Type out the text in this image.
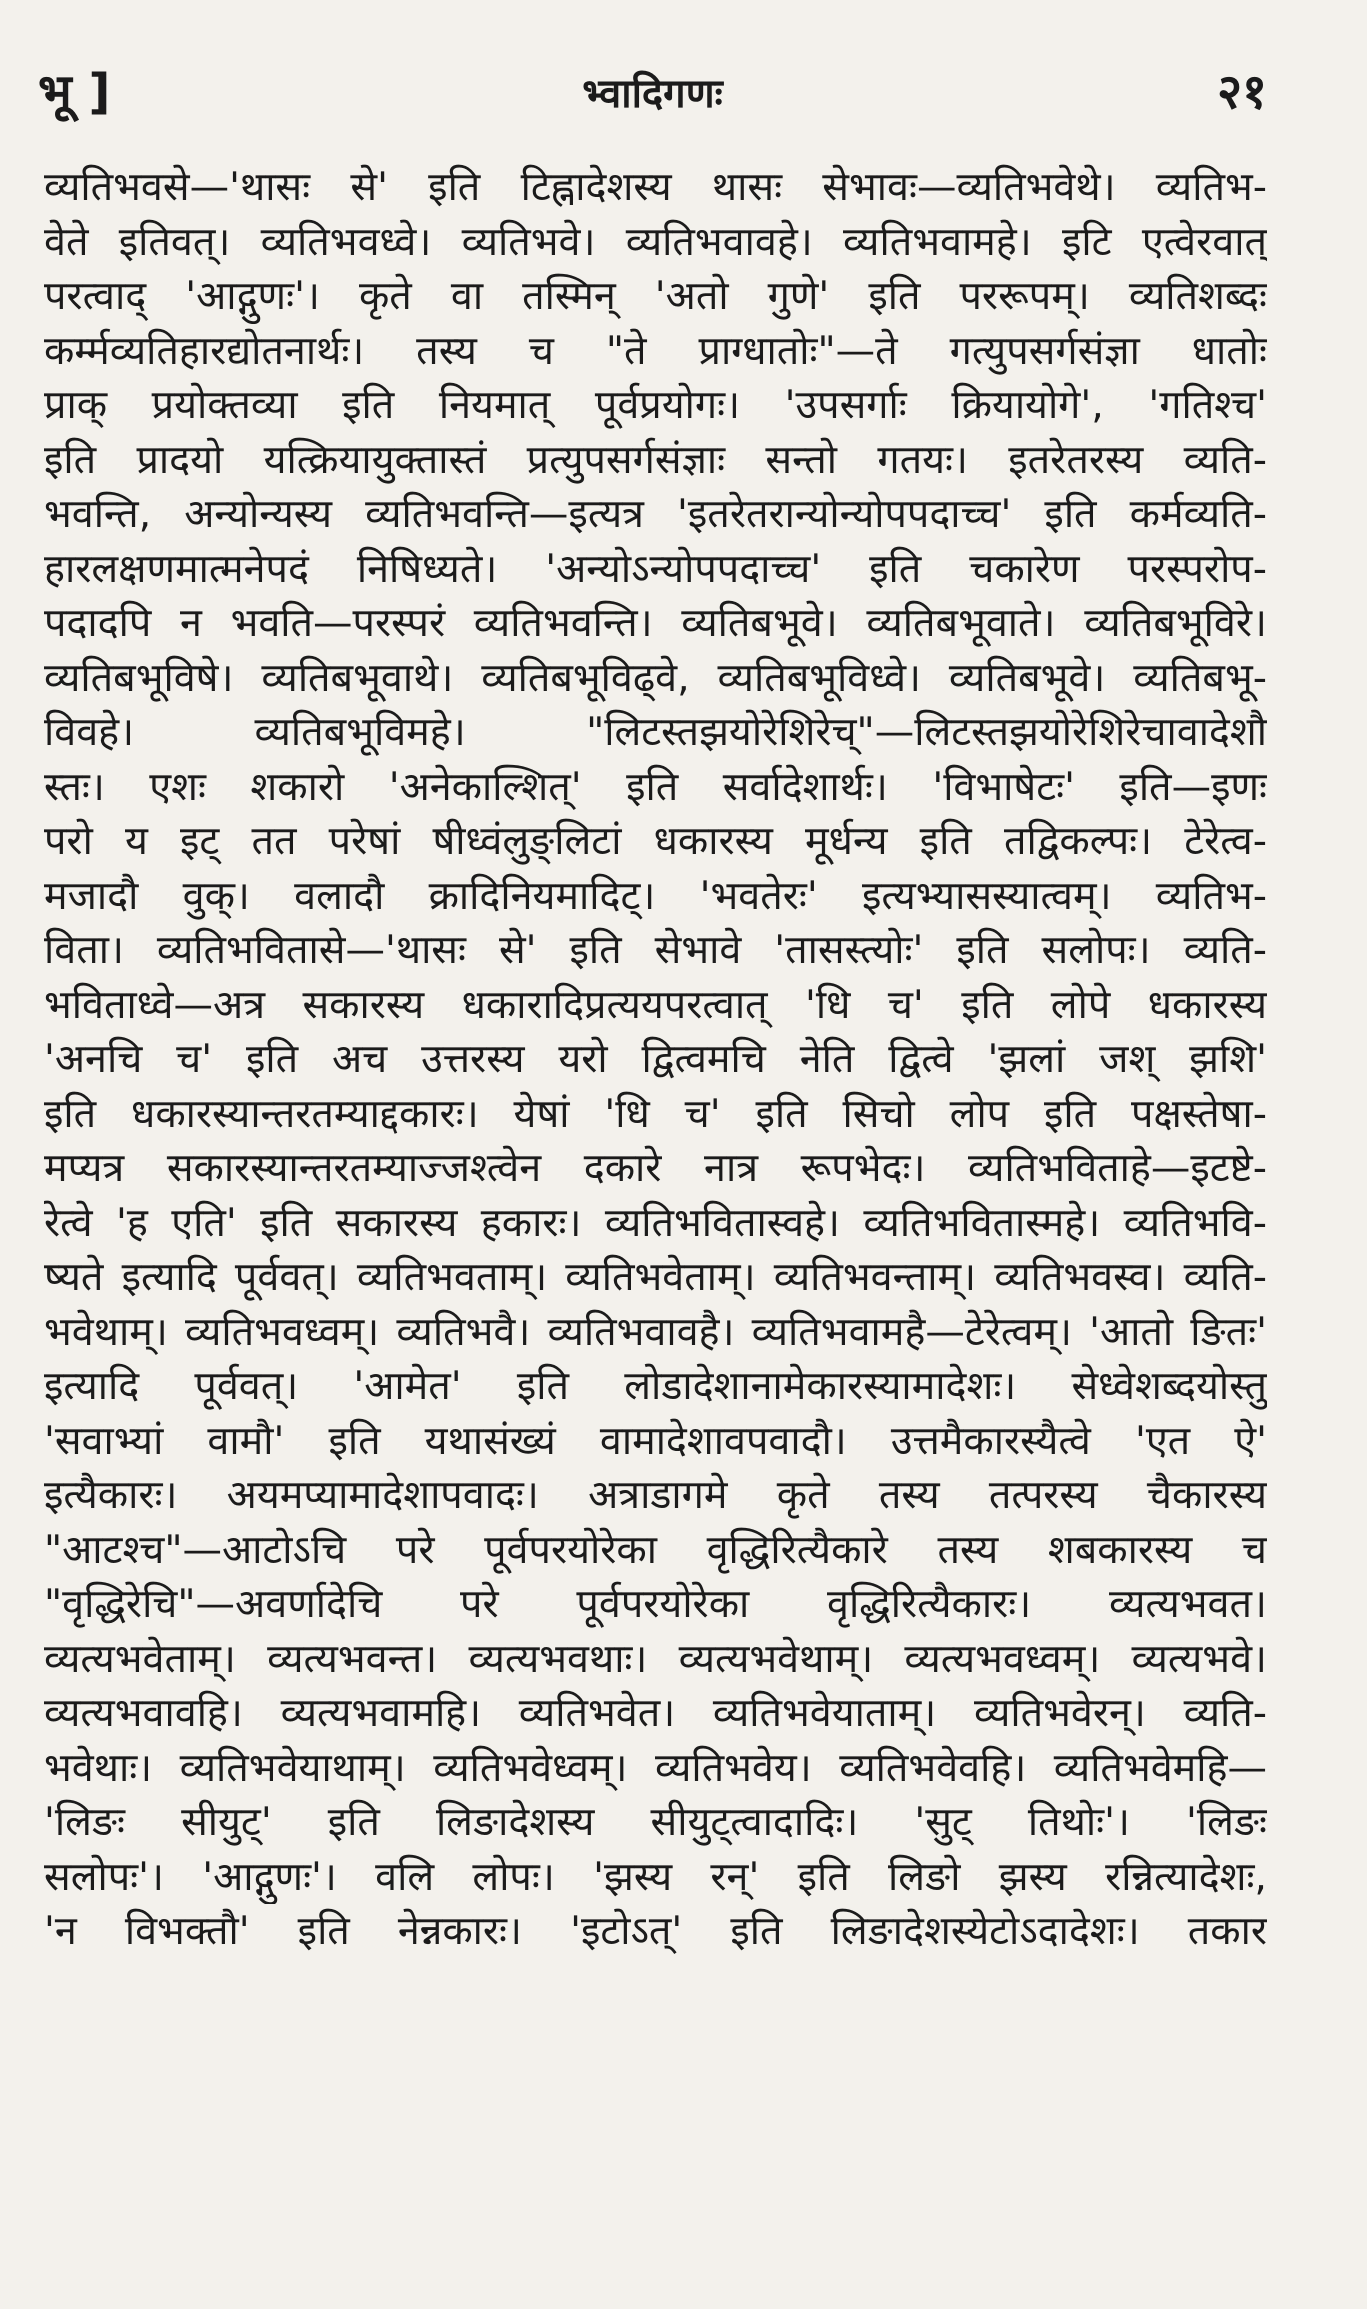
भू ]	भ्वादिगणः	२१
व्यतिभवसे—'थासः से' इति टिह्नादेशस्य थासः सेभावः—व्यतिभवेथे। व्यतिभ-
वेते इतिवत्। व्यतिभवध्वे। व्यतिभवे। व्यतिभवावहे। व्यतिभवामहे। इटि एत्वेरवात्
परत्वाद् 'आद्गुणः'। कृते वा तस्मिन् 'अतो गुणे' इति पररूपम्। व्यतिशब्दः
कर्म्मव्यतिहारद्योतनार्थः। तस्य च "ते प्राग्धातोः"—ते गत्युपसर्गसंज्ञा धातोः
प्राक् प्रयोक्तव्या इति नियमात् पूर्वप्रयोगः। 'उपसर्गाः क्रियायोगे', 'गतिश्च'
इति प्रादयो यत्क्रियायुक्तास्तं प्रत्युपसर्गसंज्ञाः सन्तो गतयः। इतरेतरस्य व्यति-
भवन्ति, अन्योन्यस्य व्यतिभवन्ति—इत्यत्र 'इतरेतरान्योन्योपपदाच्च' इति कर्मव्यति-
हारलक्षणमात्मनेपदं निषिध्यते। 'अन्योऽन्योपपदाच्च' इति चकारेण परस्परोप-
पदादपि न भवति—परस्परं व्यतिभवन्ति। व्यतिबभूवे। व्यतिबभूवाते। व्यतिबभूविरे।
व्यतिबभूविषे। व्यतिबभूवाथे। व्यतिबभूविढ्वे, व्यतिबभूविध्वे। व्यतिबभूवे। व्यतिबभू-
विवहे। व्यतिबभूविमहे। "लिटस्तझयोरेशिरेच्"—लिटस्तझयोरेशिरेचावादेशौ
स्तः। एशः शकारो 'अनेकाल्शित्' इति सर्वादेशार्थः। 'विभाषेटः' इति—इणः
परो य इट् तत परेषां षीध्वंलुङ्लिटां धकारस्य मूर्धन्य इति तद्विकल्पः। टेरेत्व-
मजादौ वुक्। वलादौ क्रादिनियमादिट्। 'भवतेरः' इत्यभ्यासस्यात्वम्। व्यतिभ-
विता। व्यतिभवितासे—'थासः से' इति सेभावे 'तासस्त्योः' इति सलोपः। व्यति-
भविताध्वे—अत्र सकारस्य धकारादिप्रत्ययपरत्वात् 'धि च' इति लोपे धकारस्य
'अनचि च' इति अच उत्तरस्य यरो द्वित्वमचि नेति द्वित्वे 'झलां जश् झशि'
इति धकारस्यान्तरतम्याद्दकारः। येषां 'धि च' इति सिचो लोप इति पक्षस्तेषा-
मप्यत्र सकारस्यान्तरतम्याज्जश्त्वेन दकारे नात्र रूपभेदः। व्यतिभविताहे—इटष्टे-
रेत्वे 'ह एति' इति सकारस्य हकारः। व्यतिभवितास्वहे। व्यतिभवितास्महे। व्यतिभवि-
ष्यते इत्यादि पूर्ववत्। व्यतिभवताम्। व्यतिभवेताम्। व्यतिभवन्ताम्। व्यतिभवस्व। व्यति-
भवेथाम्। व्यतिभवध्वम्। व्यतिभवै। व्यतिभवावहै। व्यतिभवामहै—टेरेत्वम्। 'आतो ङितः'
इत्यादि पूर्ववत्। 'आमेत' इति लोडादेशानामेकारस्यामादेशः। सेध्वेशब्दयोस्तु
'सवाभ्यां वामौ' इति यथासंख्यं वामादेशावपवादौ। उत्तमैकारस्यैत्वे 'एत ऐ'
इत्यैकारः। अयमप्यामादेशापवादः। अत्राडागमे कृते तस्य तत्परस्य चैकारस्य
"आटश्च"—आटोऽचि परे पूर्वपरयोरेका वृद्धिरित्यैकारे तस्य शबकारस्य च
"वृद्धिरेचि"—अवर्णादेचि परे पूर्वपरयोरेका वृद्धिरित्यैकारः। व्यत्यभवत।
व्यत्यभवेताम्। व्यत्यभवन्त। व्यत्यभवथाः। व्यत्यभवेथाम्। व्यत्यभवध्वम्। व्यत्यभवे।
व्यत्यभवावहि। व्यत्यभवामहि। व्यतिभवेत। व्यतिभवेयाताम्। व्यतिभवेरन्। व्यति-
भवेथाः। व्यतिभवेयाथाम्। व्यतिभवेध्वम्। व्यतिभवेय। व्यतिभवेवहि। व्यतिभवेमहि—
'लिङः सीयुट्' इति लिङादेशस्य सीयुट्त्वादादिः। 'सुट् तिथोः'। 'लिङः
सलोपः'। 'आद्गुणः'। वलि लोपः। 'झस्य रन्' इति लिङो झस्य रन्नित्यादेशः,
'न विभक्तौ' इति नेन्नकारः। 'इटोऽत्' इति लिङादेशस्येटोऽदादेशः। तकार
